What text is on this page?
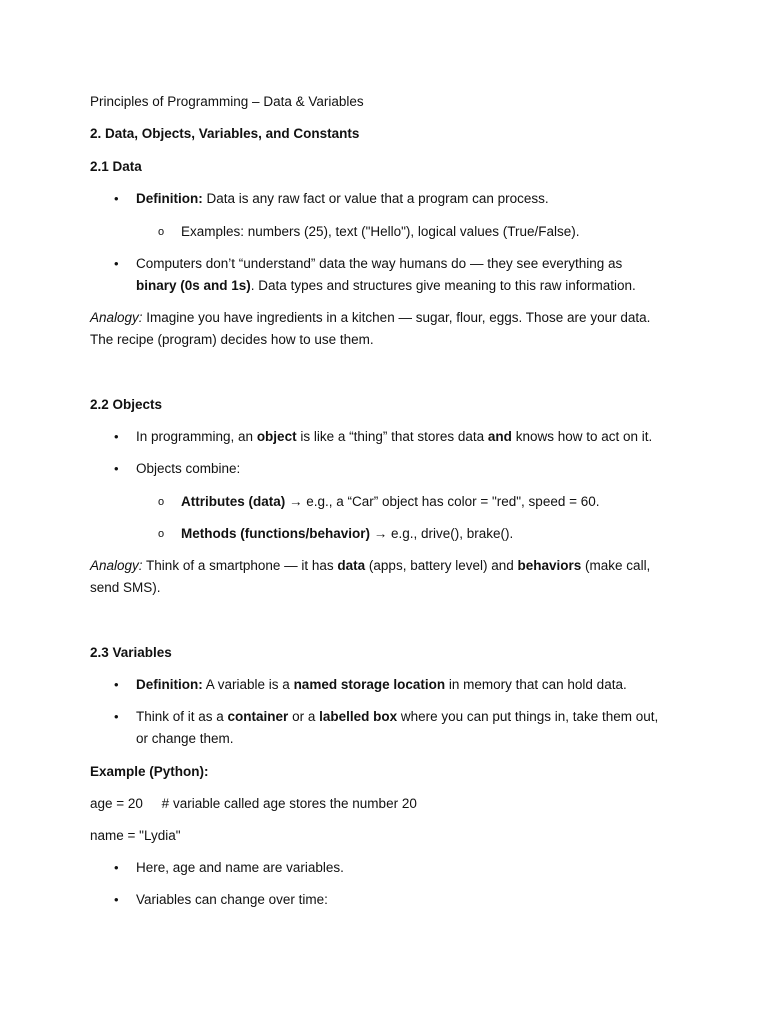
Principles of Programming – Data & Variables
2. Data, Objects, Variables, and Constants
2.1 Data
• Definition: Data is any raw fact or value that a program can process.
o Examples: numbers (25), text ("Hello"), logical values (True/False).
• Computers don’t “understand” data the way humans do — they see everything as
binary (0s and 1s). Data types and structures give meaning to this raw information.
Analogy: Imagine you have ingredients in a kitchen — sugar, flour, eggs. Those are your data.
The recipe (program) decides how to use them.
2.2 Objects
• In programming, an object is like a “thing” that stores data and knows how to act on it.
• Objects combine:
o Attributes (data) → e.g., a “Car” object has color = "red", speed = 60.
o Methods (functions/behavior) → e.g., drive(), brake().
Analogy: Think of a smartphone — it has data (apps, battery level) and behaviors (make call,
send SMS).
2.3 Variables
• Definition: A variable is a named storage location in memory that can hold data.
• Think of it as a container or a labelled box where you can put things in, take them out,
or change them.
Example (Python):
age = 20     # variable called age stores the number 20
name = "Lydia"
• Here, age and name are variables.
• Variables can change over time:
